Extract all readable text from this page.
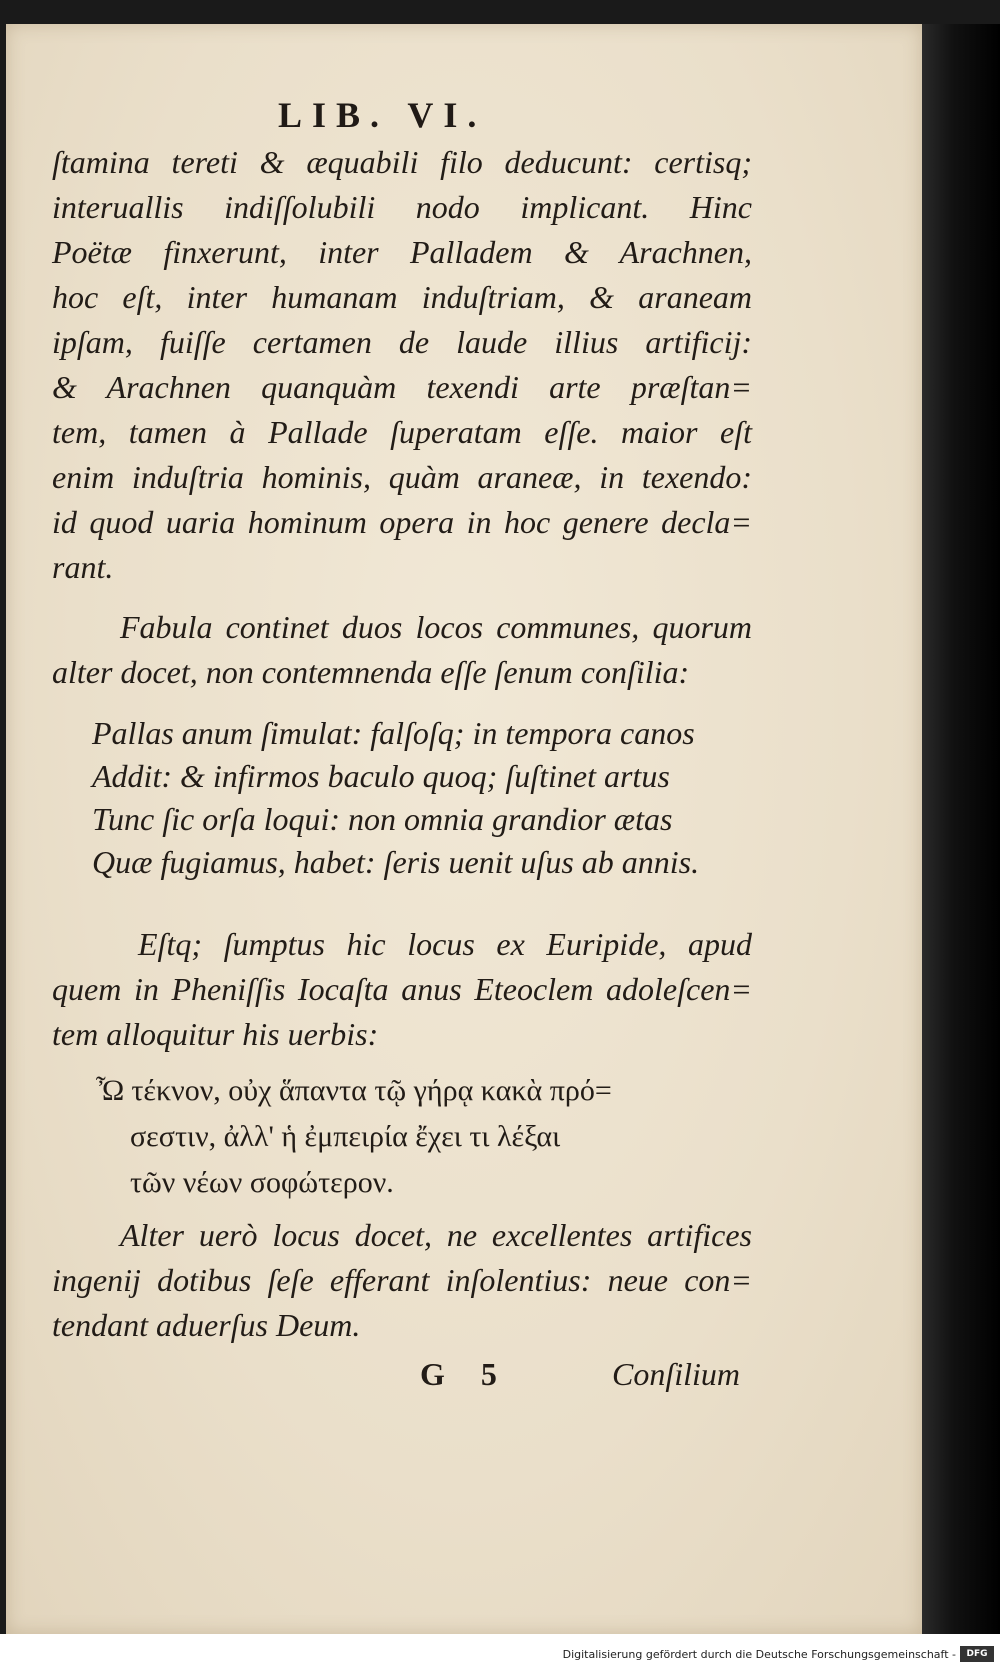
LIB. VI.
ſtamina tereti & æquabili filo deducunt: certisq;
interuallis indiſſolubili nodo implicant. Hinc
Poëtæ finxerunt, inter Palladem & Arachnen,
hoc eſt, inter humanam induſtriam, & araneam
ipſam, fuiſſe certamen de laude illius artificij:
& Arachnen quanquàm texendi arte præſtan=
tem, tamen à Pallade ſuperatam eſſe. maior eſt
enim induſtria hominis, quàm araneæ, in texendo:
id quod uaria hominum opera in hoc genere decla=
rant.
Fabula continet duos locos communes, quorum
alter docet, non contemnenda eſſe ſenum conſilia:
Pallas anum ſimulat: falſoſq; in tempora canos
Addit: & infirmos baculo quoq; ſuſtinet artus
Tunc ſic orſa loqui: non omnia grandior ætas
Quæ fugiamus, habet: ſeris uenit uſus ab annis.
Eſtq; ſumptus hic locus ex Euripide, apud
quem in Pheniſſis Iocaſta anus Eteoclem adoleſcen=
tem alloquitur his uerbis:
Ὦ τέκνον, οὐχ ἅπαντα τῷ γήρᾳ κακὰ πρό=
σεστιν, ἀλλ' ἡ ἐμπειρία ἔχει τι λέξαι
τῶν νέων σοφώτερον.
Alter uerò locus docet, ne excellentes artifices
ingenij dotibus ſeſe efferant inſolentius: neue con=
tendant aduerſus Deum.
G 5	Conſilium
Digitalisierung gefördert durch die Deutsche Forschungsgemeinschaft -	DFG
